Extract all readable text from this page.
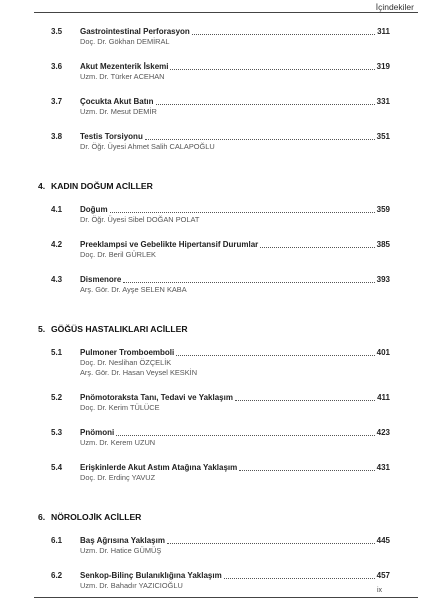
İçindekiler
3.5	Gastrointestinal Perforasyon	311
Doç. Dr. Gökhan DEMİRAL
3.6	Akut Mezenterik İskemi	319
Uzm. Dr. Türker ACEHAN
3.7	Çocukta Akut Batın	331
Uzm. Dr. Mesut DEMİR
3.8	Testis Torsiyonu	351
Dr. Öğr. Üyesi Ahmet Salih CALAPOĞLU
4. KADIN DOĞUM ACİLLER
4.1	Doğum	359
Dr. Öğr. Üyesi Sibel DOĞAN POLAT
4.2	Preeklampsi ve Gebelikte Hipertansif Durumlar	385
Doç. Dr. Beril GÜRLEK
4.3	Dismenore	393
Arş. Gör. Dr. Ayşe SELEN KABA
5. GÖĞÜS HASTALIKLARI ACİLLER
5.1	Pulmoner Tromboemboli	401
Doç. Dr. Neslihan ÖZÇELİK
Arş. Gör. Dr. Hasan Veysel KESKİN
5.2	Pnömotoraksta Tanı, Tedavi ve Yaklaşım	411
Doç. Dr. Kerim TÜLÜCE
5.3	Pnömoni	423
Uzm. Dr. Kerem UZUN
5.4	Erişkinlerde Akut Astım Atağına Yaklaşım	431
Doç. Dr. Erdinç YAVUZ
6. NÖROLOJİK ACİLLER
6.1	Baş Ağrısına Yaklaşım	445
Uzm. Dr. Hatice GÜMÜŞ
6.2	Senkop-Bilinç Bulanıklığına Yaklaşım	457
Uzm. Dr. Bahadır YAZICIOĞLU
ix
